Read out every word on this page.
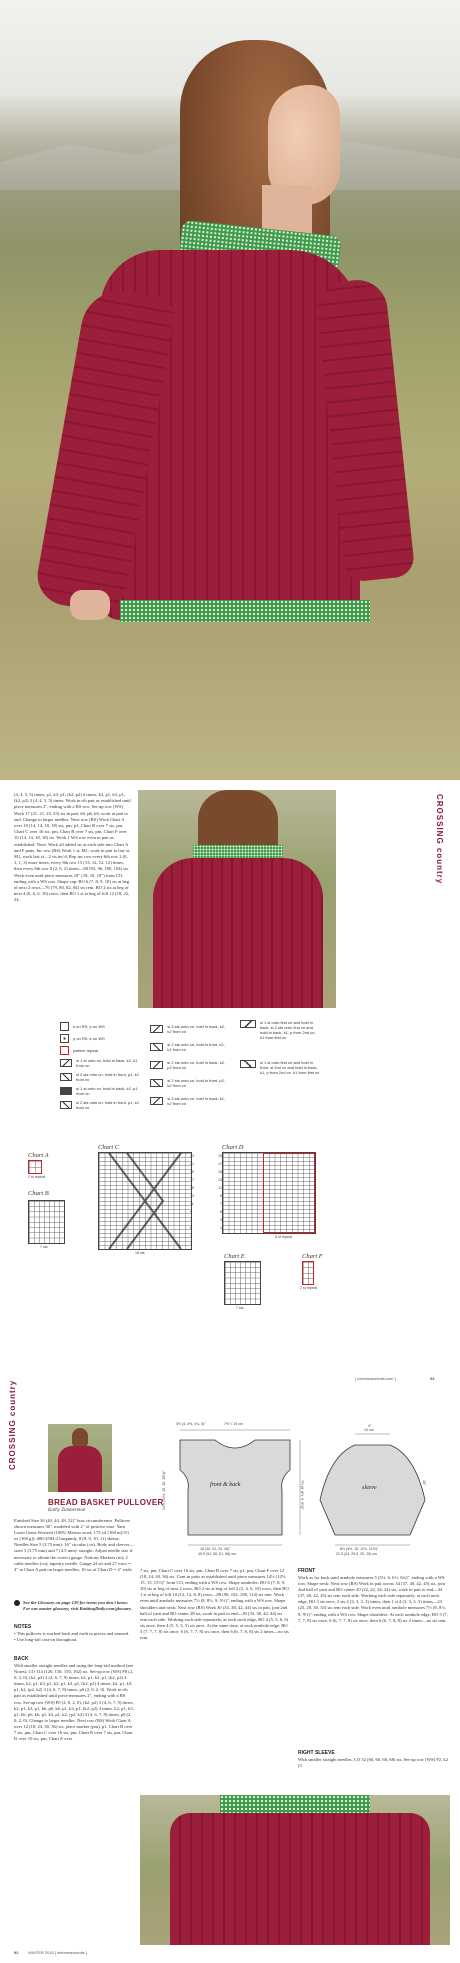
(4, 4, 5, 5) times, p1, k3, p1, (k2, p2) 4 times, k2, p1, k3, p1, (k2, p2) 3 (4, 4, 5, 5) times. Work in rib patt as established until piece measures 2", ending with a RS row. Set-up row (WS) Work 17 (21, 21, 25, 25) sts in patt, k6, p6, k6, work in patt to end. Change to larger needles. Next row (RS) Work Chart A over 10 (14, 14, 18, 18) sts, pm, p1, Chart B over 7 sts, pm, Chart C over 16 sts, pm, Chart B over 7 sts, pm, Chart F over 10 (14, 14, 18, 18) sts. Work 1 WS row even in patt as established. Note: Work all added sts at each side into Chart A and F patts. Inc row (RS) Work 1 st, M1, work in patt to last st, M1, work last st—2 sts inc'd. Rep inc row every 6th row 2 (0, 1, 1, 3) more times, every 8th row 15 (13, 12, 12, 12) times, then every 8th row 0 (2, 0, 2) times—80 (92, 96, 100, 104) sts. Work even until piece measures 18" (18, 18, 18") from CO, ending with a WS row. Shape cap: BO 6 (7, 8, 9, 10) sts at beg of next 2 rows—76 (79, 80, 82, 84) sts rem. BO 2 sts at beg of next 4 (6, 6, 6, 10) rows, then BO 1 st at beg of foll 12 (18, 22, 24,
CROSSING country
k on RS; p on WS
p on RS; k on WS
pattern repeat
sl 1 st onto cn, hold in back, k2, k1 from cn
sl 2 sts onto cn, hold in front, p1, k2 from cn
sl 1 st onto cn, hold in back, k2, p1 from cn
sl 2 sts onto cn, hold in front, p1, k2 from cn
sl 2 sts onto cn, hold in back, k2, k2 from cn
sl 2 sts onto cn, hold in front, k2, k2 from cn
sl 2 sts onto cn, hold in back, k2, p2 from cn
sl 2 sts onto cn, hold in front, p2, k2 from cn
sl 2 sts onto cn, hold in back, k1, k2 from cn
sl 1 st onto first cn and hold in back, sl 2 sts onto 2nd cn and hold in back, k1, p from 2nd cn, k1 from first cn
sl 1 st onto first cn and hold in front, sl 2nd cn and hold in back, k1, p from 2nd cn, k1 from first cn
Chart A
2 st repeat
Chart B
7 sts
Chart C
23
21
19
17
15
13
11
9
7
5
3
1
16 sts
Chart D
19
17
15
13
11
9
7
5
3
1
5 st repeat
Chart E
7 sts
Chart F
2 st repeat
[ interweaveknits.com ]	93
CROSSING country
BREAD BASKET PULLOVER
Kathy Zimmerman
Finished Size 36 (40, 44, 48, 52)" bust circumference. Pullover shown measures 36", modeled with 2" of positive ease. Yarn Louet Gems Worsted (100% Merino wool; 175 yd [160 m]/3½ oz [100 g]): #80-2584-2 burgundy, 8 (8, 9, 10, 11) skeins. Needles Size 5 (3.75 mm): 16" circular (cir). Body and sleeves—sizes 5 (3.75 mm) and 7 (4.5 mm): straight. Adjust needle size if necessary to obtain the correct gauge. Notions Markers (m); 2 cable needles (cn); tapestry needle. Gauge 24 sts and 27 rows = 4" in Chart A patt on larger needles; 16 sts of Chart D = 4" wide.
See the Glossary on page 130 for terms you don't know. For our master glossary, visit KnittingDaily.com/glossary.
NOTES
• This pullover is worked back and forth in pieces and seamed.
• Use long-tail cast-on throughout.
BACK
With smaller straight needles and using the long-tail method (see Notes), CO 114 (126, 138, 150, 162) sts. Set-up row (WS) P0 (2, 0, 2, 0), (k2, p2) 3 (4, 6, 7, 9) times, k2, p1, k3, p1, (k2, p2) 4 times, k2, p1, k3, p1, k2, p1, k3, p1, (k2, p2) 4 times, k2, p1, k3, p1, k2, (p2, k2) 3 (4, 6, 7, 9) times, p0 (2, 0, 2, 0). Work in rib patt as established until piece measures 2", ending with a RS row. Set-up row (WS) P0 (2, 0, 2, 0), (k2, p2) 3 (4, 6, 7, 9) times, k2, p1, k3, p1, k6, p6, k6, p1, k3, p1, (k2, p2) 4 times, k2, p1, k3, p1, k6, p6, k6, p1, k3, p1, k2, (p2, k2) 3 (4, 6, 7, 9) times, p0 (2, 0, 2, 0). Change to larger needles. Next row (RS) Work Chart A over 12 (18, 24, 30, 36) sts, place marker (pm), p1, Chart B over 7 sts, pm, Chart C over 16 sts, pm, Chart B over 7 sts, pm, Chart D over 16 sts, pm, Chart E over
front & back	sleeve
3½ (4, 4½, 4¾, 5)"	7½" / 19 cm
18 (20, 22, 24, 26)"
45.5 (51, 56, 61, 66) cm
14½ (14½, 15, 15, 15½)"	7½ (8, 8½, 9, 9½)"
4"
10 cm
18"
8½ (9½, 10, 11½, 11½)"
21.5 (24, 25.5, 29, 29) cm
7 sts, pm, Chart C over 16 sts, pm, Chart B over 7 sts, p1, pm, Chart F over 12 (18, 24, 30, 36) sts. Cont in patts as established until piece measures 14½ (14½, 15, 15, 15½)" from CO, ending with a WS row. Shape armholes: BO 6 (7, 8, 9, 10) sts at beg of next 2 rows, BO 2 sts at beg of foll 2 (2, 4, 6, 10) rows, then BO 1 st at beg of foll 10 (12, 12, 8, 8) rows—88 (96, 102, 108, 114) sts rem. Work even until armhole measures 7½ (8, 8½, 9, 9½)", ending with a WS row. Shape shoulders and neck: Next row (RS) Work 30 (33, 38, 42, 44) sts in patt, join 2nd ball of yarn and BO center 28 sts, work in patt to end—30 (33, 38, 42, 44) sts rem each side. Working each side separately, at each neck edge, BO 4 (5, 5, 6, 6) sts once, then 4 (5, 5, 5, 5) sts once. At the same time, at each armhole edge, BO 5 (7, 7, 7, 8) sts once, 6 (6, 7, 7, 8) sts once, then 6 (6, 7, 8, 8) sts 2 times—no sts rem.
FRONT
Work as for back until armhole measures 5 (5½, 6, 6½, 6¾)", ending with a WS row. Shape neck: Next row (RS) Work in patt across 34 (37, 40, 42, 45) sts, join 2nd ball of yarn and BO center 20 (22, 22, 24, 24) sts, work in patt to end—34 (37, 40, 42, 45) sts rem each side. Working each side separately, at each neck edge, BO 3 sts once, 2 sts 2 (3, 3, 3, 3) times, then 1 st 4 (3, 3, 3, 3) times—23 (25, 28, 30, 33) sts rem each side. Work even until armhole measures 7½ (8, 8½, 9, 9½)", ending with a WS row. Shape shoulders: At each armhole edge, BO 5 (7, 7, 7, 8) sts once, 6 (6, 7, 7, 8) sts once, then 6 (6, 7, 8, 8) sts 2 times—no sts rem.
RIGHT SLEEVE
With smaller straight needles, CO 52 (60, 60, 68, 68) sts. Set-up row (WS) P2, k2 (3
92 WINTER 2016 [ interweaveknits ]
